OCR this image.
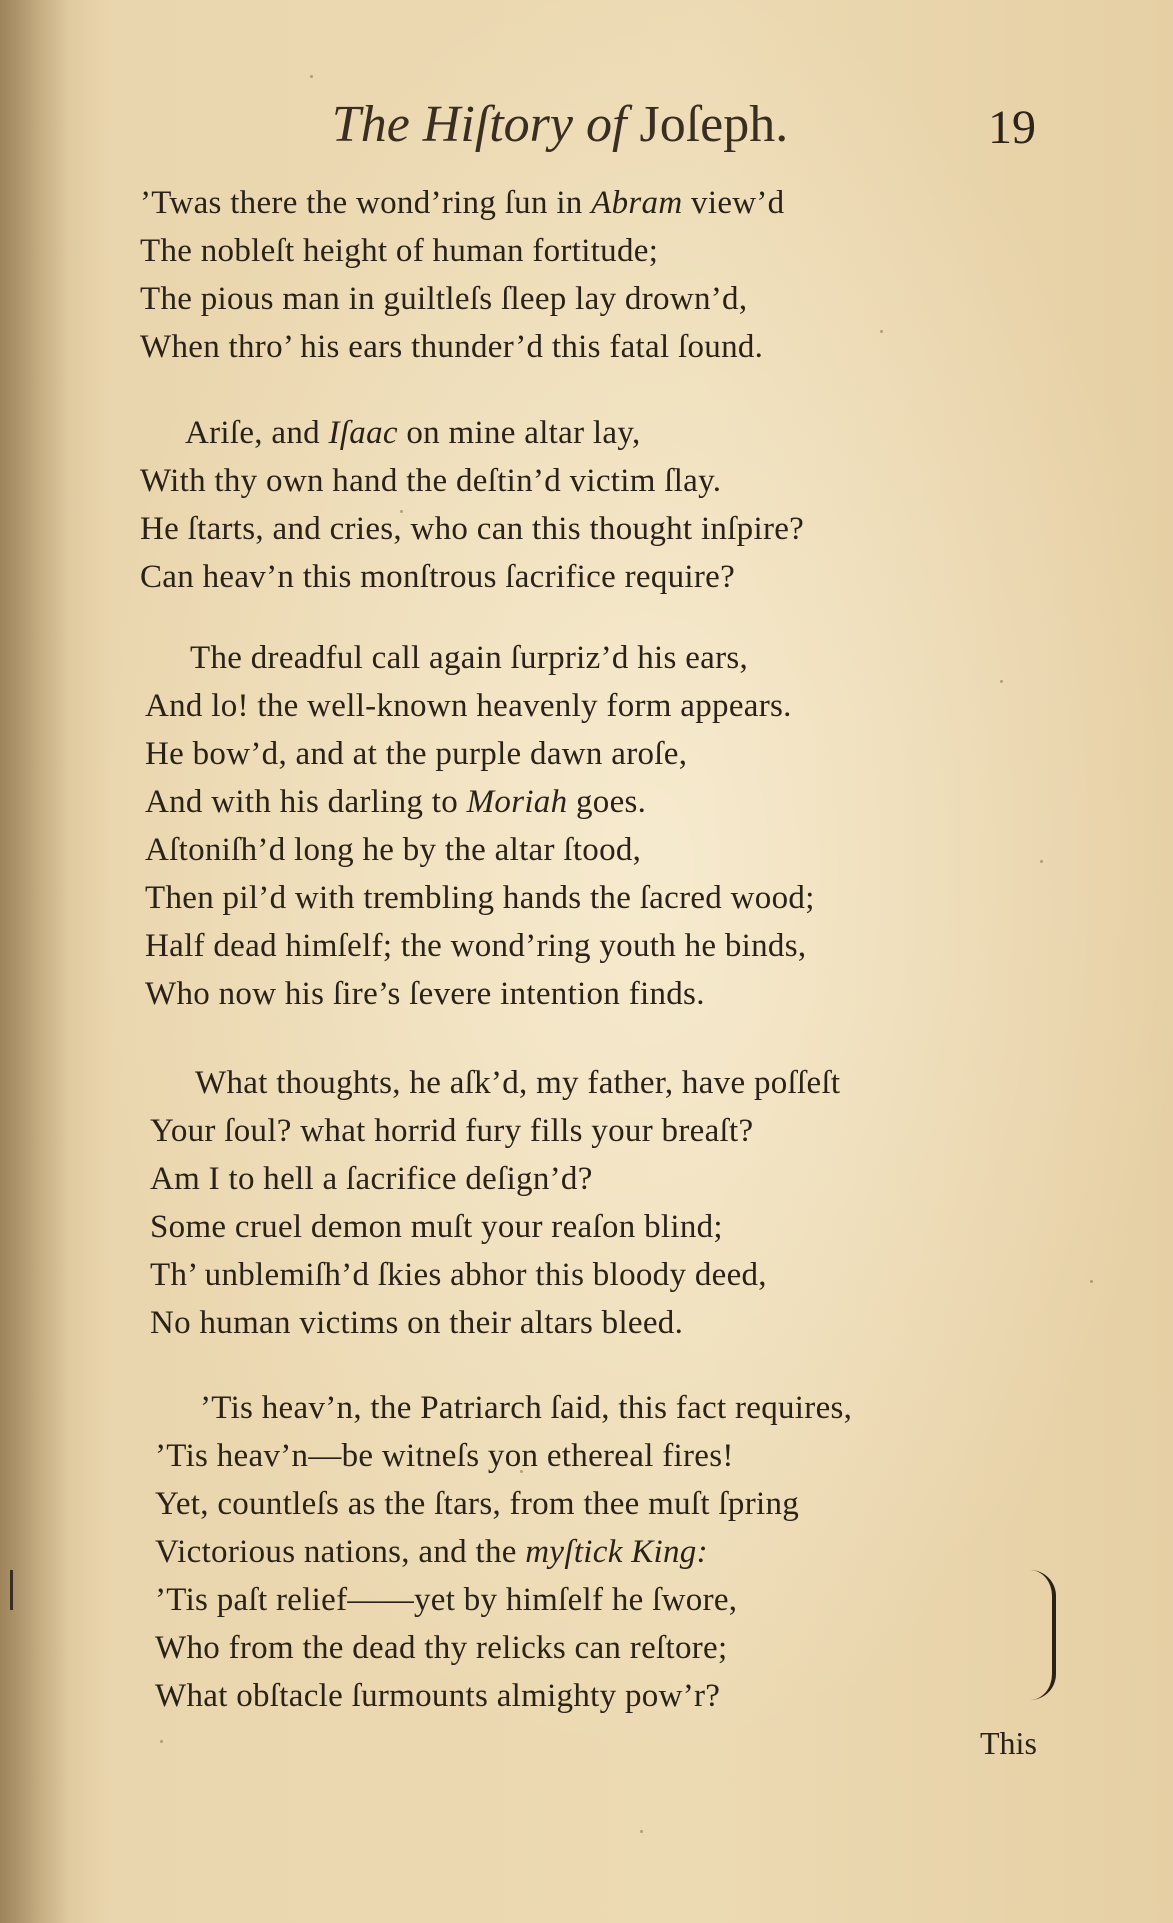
The Hiſtory of Joſeph.	19
’Twas there the wond’ring ſun in Abram view’d
The nobleſt height of human fortitude;
The pious man in guiltleſs ſleep lay drown’d,
When thro’ his ears thunder’d this fatal ſound.
Ariſe, and Iſaac on mine altar lay,
With thy own hand the deſtin’d victim ſlay.
He ſtarts, and cries, who can this thought inſpire?
Can heav’n this monſtrous ſacrifice require?
The dreadful call again ſurpriz’d his ears,
And lo! the well-known heavenly form appears.
He bow’d, and at the purple dawn aroſe,
And with his darling to Moriah goes.
Aſtoniſh’d long he by the altar ſtood,
Then pil’d with trembling hands the ſacred wood;
Half dead himſelf; the wond’ring youth he binds,
Who now his ſire’s ſevere intention finds.
What thoughts, he aſk’d, my father, have poſſeſt
Your ſoul? what horrid fury fills your breaſt?
Am I to hell a ſacrifice deſign’d?
Some cruel demon muſt your reaſon blind;
Th’ unblemiſh’d ſkies abhor this bloody deed,
No human victims on their altars bleed.
’Tis heav’n, the Patriarch ſaid, this fact requires,
’Tis heav’n—be witneſs yon ethereal fires!
Yet, countleſs as the ſtars, from thee muſt ſpring
Victorious nations, and the myſtick King:
’Tis paſt relief——yet by himſelf he ſwore,
Who from the dead thy relicks can reſtore;
What obſtacle ſurmounts almighty pow’r?
This
